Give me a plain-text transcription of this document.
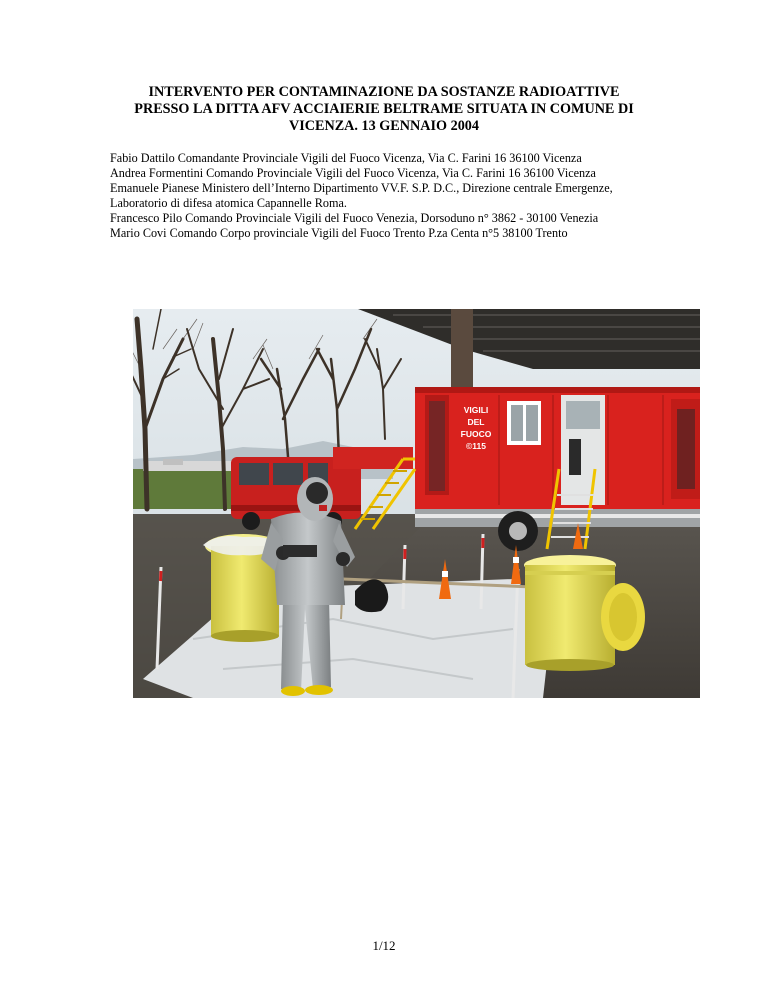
INTERVENTO PER CONTAMINAZIONE DA SOSTANZE RADIOATTIVE
PRESSO LA DITTA AFV ACCIAIERIE BELTRAME SITUATA IN COMUNE DI
VICENZA. 13 GENNAIO 2004
Fabio Dattilo Comandante Provinciale Vigili del Fuoco Vicenza, Via C. Farini 16 36100 Vicenza
Andrea Formentini Comando Provinciale Vigili del Fuoco Vicenza, Via C. Farini 16 36100 Vicenza
Emanuele Pianese Ministero dell’Interno Dipartimento VV.F. S.P. D.C., Direzione centrale Emergenze,
Laboratorio di difesa atomica Capannelle Roma.
Francesco Pilo Comando Provinciale Vigili del Fuoco Venezia, Dorsoduno n° 3862 - 30100 Venezia
Mario Covi Comando Corpo provinciale Vigili del Fuoco Trento P.za Centa n°5 38100 Trento
VIGILI
DEL
FUOCO
©115
1/12
